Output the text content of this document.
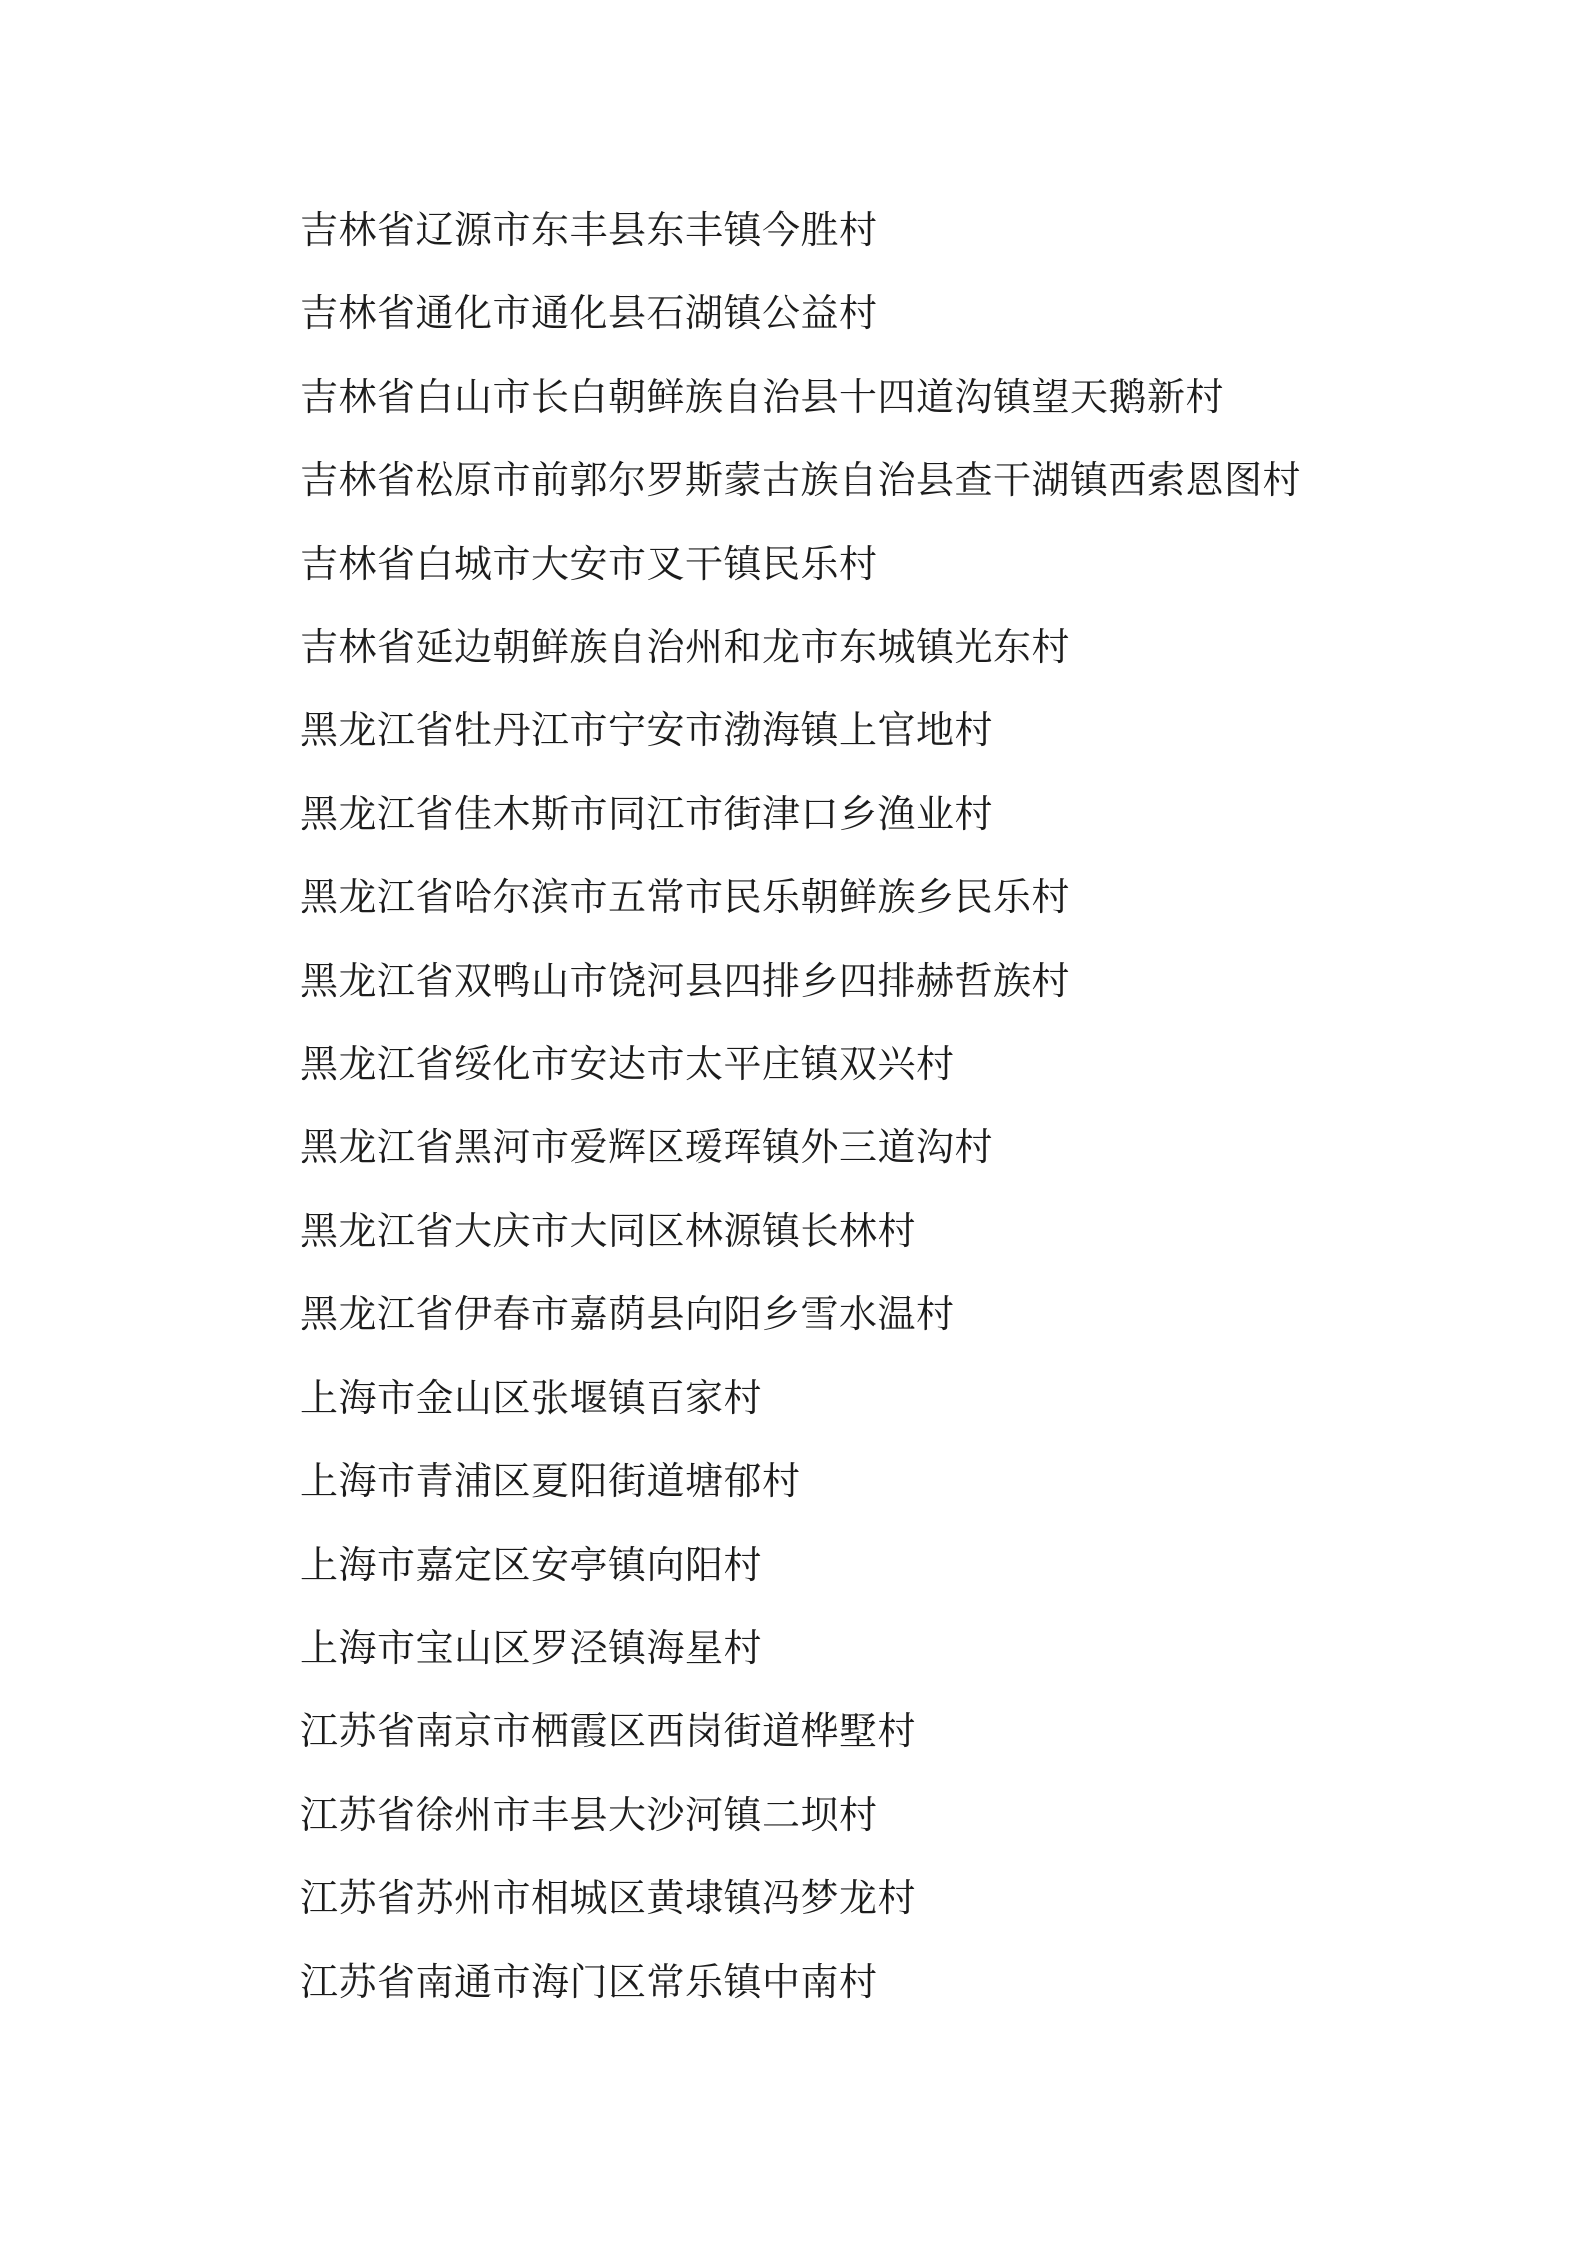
吉林省辽源市东丰县东丰镇今胜村

吉林省通化市通化县石湖镇公益村

吉林省白山市长白朝鲜族自治县十四道沟镇望天鹅新村

吉林省松原市前郭尔罗斯蒙古族自治县查干湖镇西索恩图村

吉林省白城市大安市叉干镇民乐村

吉林省延边朝鲜族自治州和龙市东城镇光东村

黑龙江省牡丹江市宁安市渤海镇上官地村

黑龙江省佳木斯市同江市街津口乡渔业村

黑龙江省哈尔滨市五常市民乐朝鲜族乡民乐村

黑龙江省双鸭山市饶河县四排乡四排赫哲族村

黑龙江省绥化市安达市太平庄镇双兴村

黑龙江省黑河市爱辉区瑷珲镇外三道沟村

黑龙江省大庆市大同区林源镇长林村

黑龙江省伊春市嘉荫县向阳乡雪水温村

上海市金山区张堰镇百家村

上海市青浦区夏阳街道塘郁村

上海市嘉定区安亭镇向阳村

上海市宝山区罗泾镇海星村

江苏省南京市栖霞区西岗街道桦墅村

江苏省徐州市丰县大沙河镇二坝村

江苏省苏州市相城区黄埭镇冯梦龙村

江苏省南通市海门区常乐镇中南村
